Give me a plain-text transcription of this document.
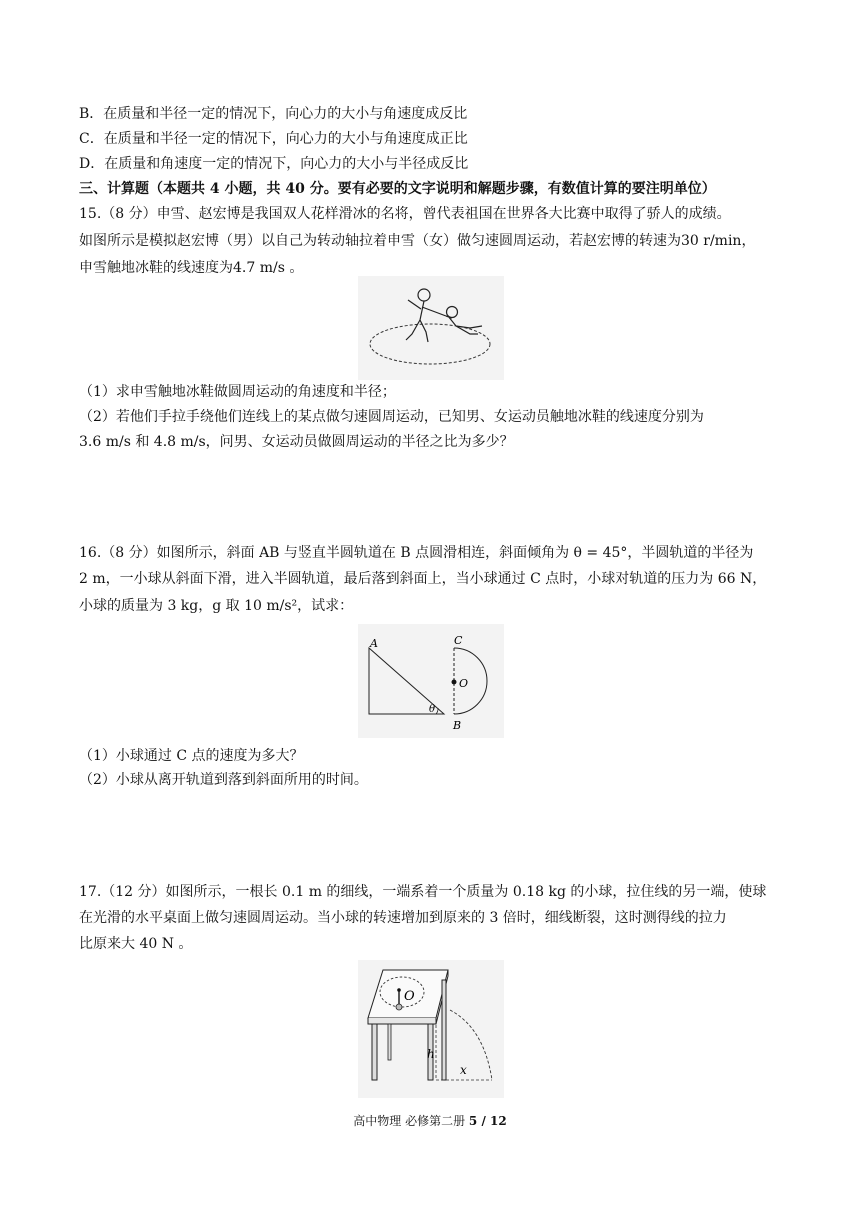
B．在质量和半径一定的情况下，向心力的大小与角速度成反比
C．在质量和半径一定的情况下，向心力的大小与角速度成正比
D．在质量和角速度一定的情况下，向心力的大小与半径成反比
三、计算题（本题共 4 小题，共 40 分。要有必要的文字说明和解题步骤，有数值计算的要注明单位）
15.（8 分）申雪、赵宏博是我国双人花样滑冰的名将，曾代表祖国在世界各大比赛中取得了骄人的成绩。
如图所示是模拟赵宏博（男）以自己为转动轴拉着申雪（女）做匀速圆周运动，若赵宏博的转速为30 r/min，
申雪触地冰鞋的线速度为4.7 m/s 。
（1）求申雪触地冰鞋做圆周运动的角速度和半径；
（2）若他们手拉手绕他们连线上的某点做匀速圆周运动，已知男、女运动员触地冰鞋的线速度分别为
3.6 m/s 和 4.8 m/s，问男、女运动员做圆周运动的半径之比为多少？
16.（8 分）如图所示，斜面 AB 与竖直半圆轨道在 B 点圆滑相连，斜面倾角为 θ = 45°，半圆轨道的半径为
2 m，一小球从斜面下滑，进入半圆轨道，最后落到斜面上，当小球通过 C 点时，小球对轨道的压力为 66 N，
小球的质量为 3 kg，g 取 10 m/s²，试求：
A	C
O
θ
B
（1）小球通过 C 点的速度为多大？
（2）小球从离开轨道到落到斜面所用的时间。
17.（12 分）如图所示，一根长 0.1 m 的细线，一端系着一个质量为 0.18 kg 的小球，拉住线的另一端，使球
在光滑的水平桌面上做匀速圆周运动。当小球的转速增加到原来的 3 倍时，细线断裂，这时测得线的拉力
比原来大 40 N 。
O
h
x
高中物理 必修第二册 5 / 12
